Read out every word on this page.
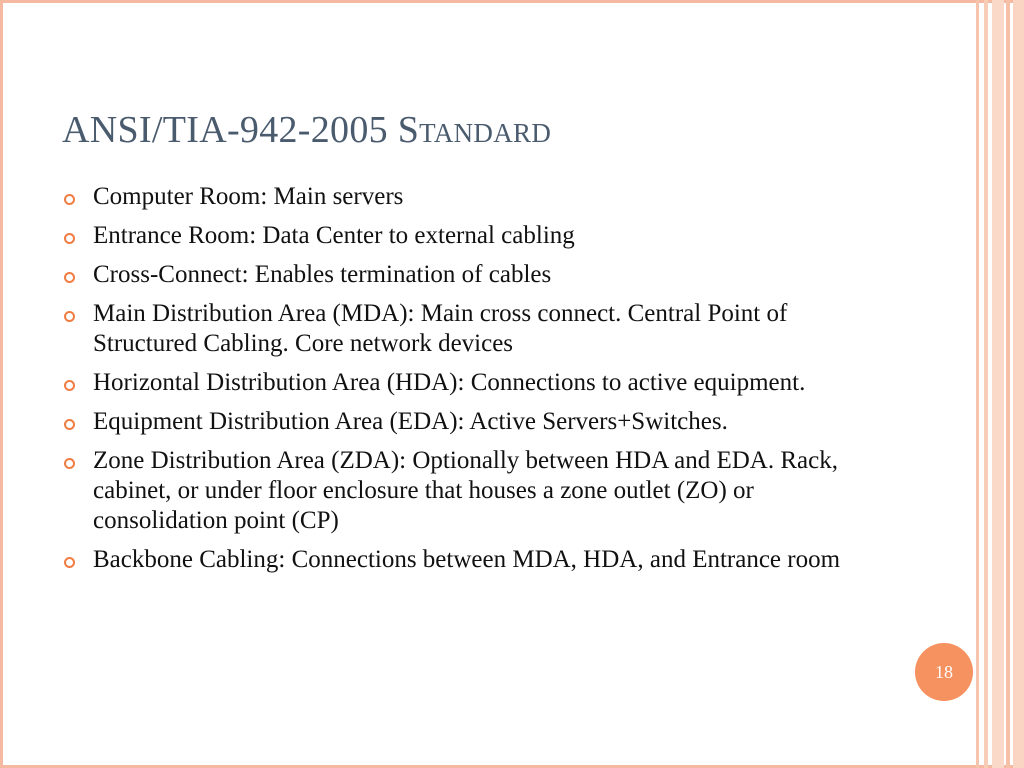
ANSI/TIA-942-2005 Standard
Computer Room: Main servers
Entrance Room: Data Center to external cabling
Cross-Connect: Enables termination of cables
Main Distribution Area (MDA): Main cross connect. Central Point of Structured Cabling. Core network devices
Horizontal Distribution Area (HDA): Connections to active equipment.
Equipment Distribution Area (EDA): Active Servers+Switches.
Zone Distribution Area (ZDA): Optionally between HDA and EDA. Rack, cabinet, or under floor enclosure that houses a zone outlet (ZO) or consolidation point (CP)
Backbone Cabling: Connections between MDA, HDA, and Entrance room
18
